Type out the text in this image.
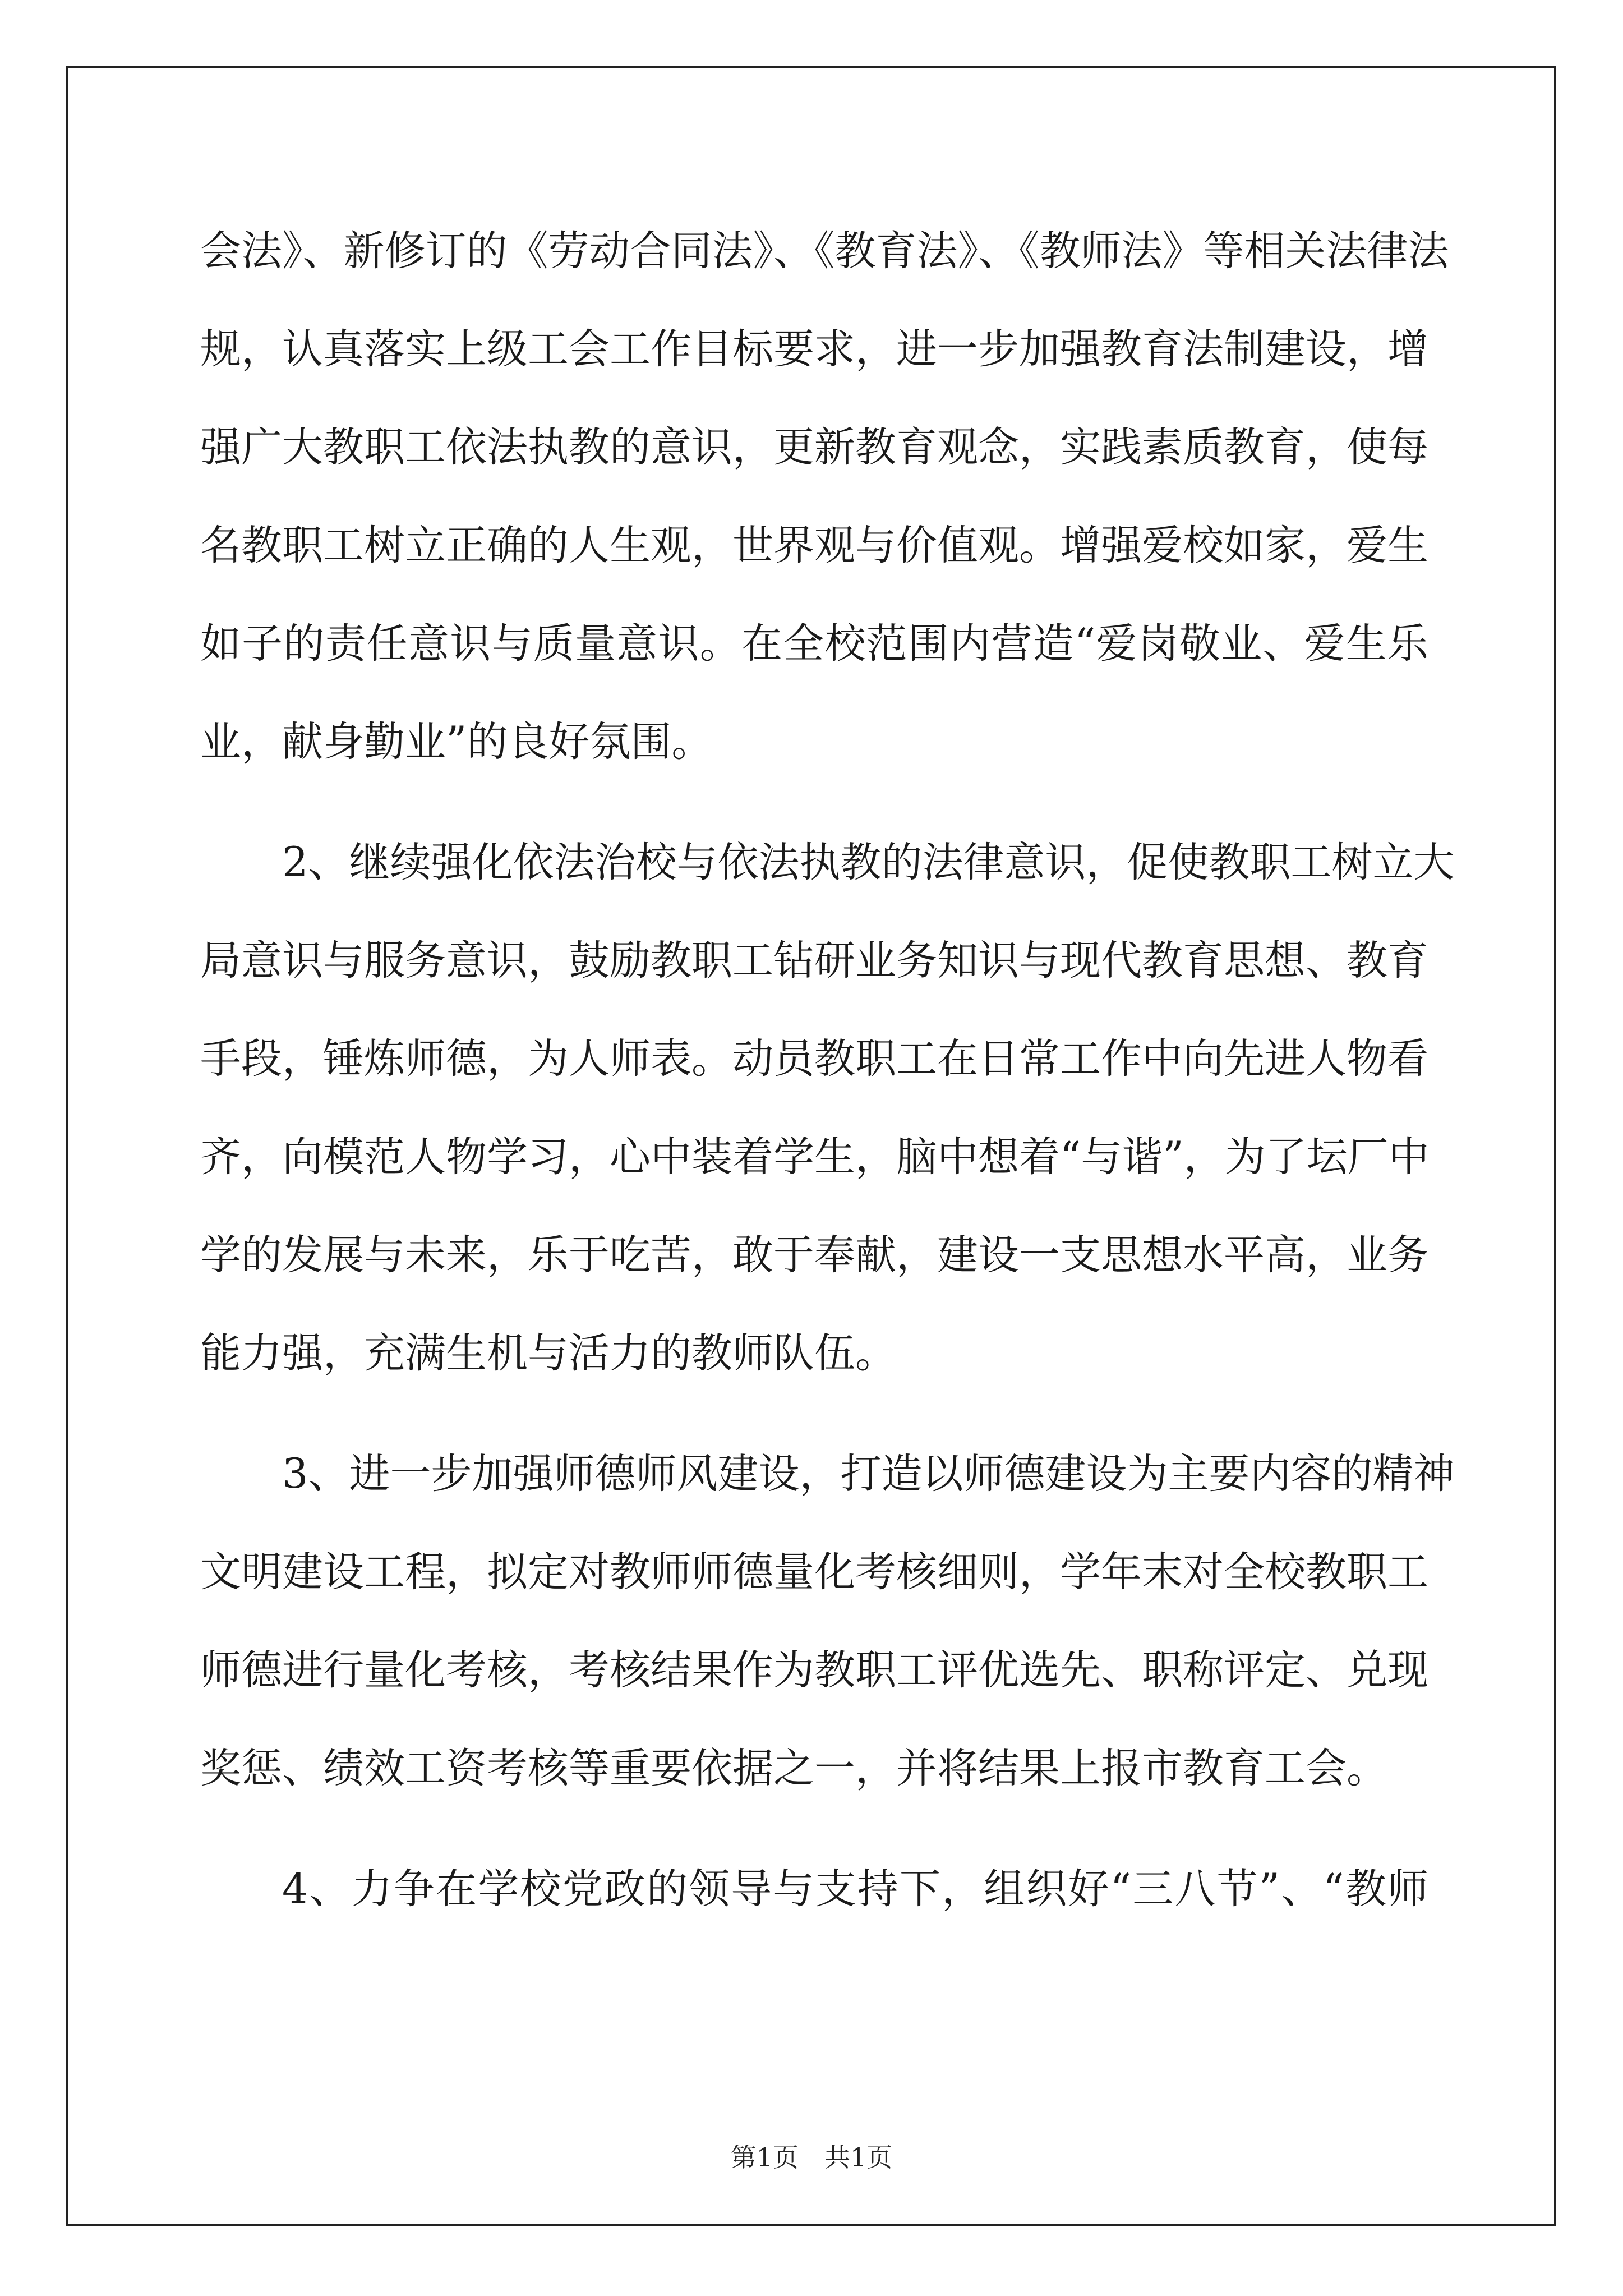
会法》、新修订的《劳动合同法》、《教育法》、《教师法》等相关法律法
规，认真落实上级工会工作目标要求，进一步加强教育法制建设，增
强广大教职工依法执教的意识，更新教育观念，实践素质教育，使每
名教职工树立正确的人生观，世界观与价值观。增强爱校如家，爱生
如子的责任意识与质量意识。在全校范围内营造“爱岗敬业、爱生乐
业，献身勤业”的良好氛围。
2、继续强化依法治校与依法执教的法律意识，促使教职工树立大
局意识与服务意识，鼓励教职工钻研业务知识与现代教育思想、教育
手段，锤炼师德，为人师表。动员教职工在日常工作中向先进人物看
齐，向模范人物学习，心中装着学生，脑中想着“与谐”，为了坛厂中
学的发展与未来，乐于吃苦，敢于奉献，建设一支思想水平高，业务
能力强，充满生机与活力的教师队伍。
3、进一步加强师德师风建设，打造以师德建设为主要内容的精神
文明建设工程，拟定对教师师德量化考核细则，学年末对全校教职工
师德进行量化考核，考核结果作为教职工评优选先、职称评定、兑现
奖惩、绩效工资考核等重要依据之一，并将结果上报市教育工会。
4、力争在学校党政的领导与支持下，组织好“三八节”、“教师
第1页　共1页
